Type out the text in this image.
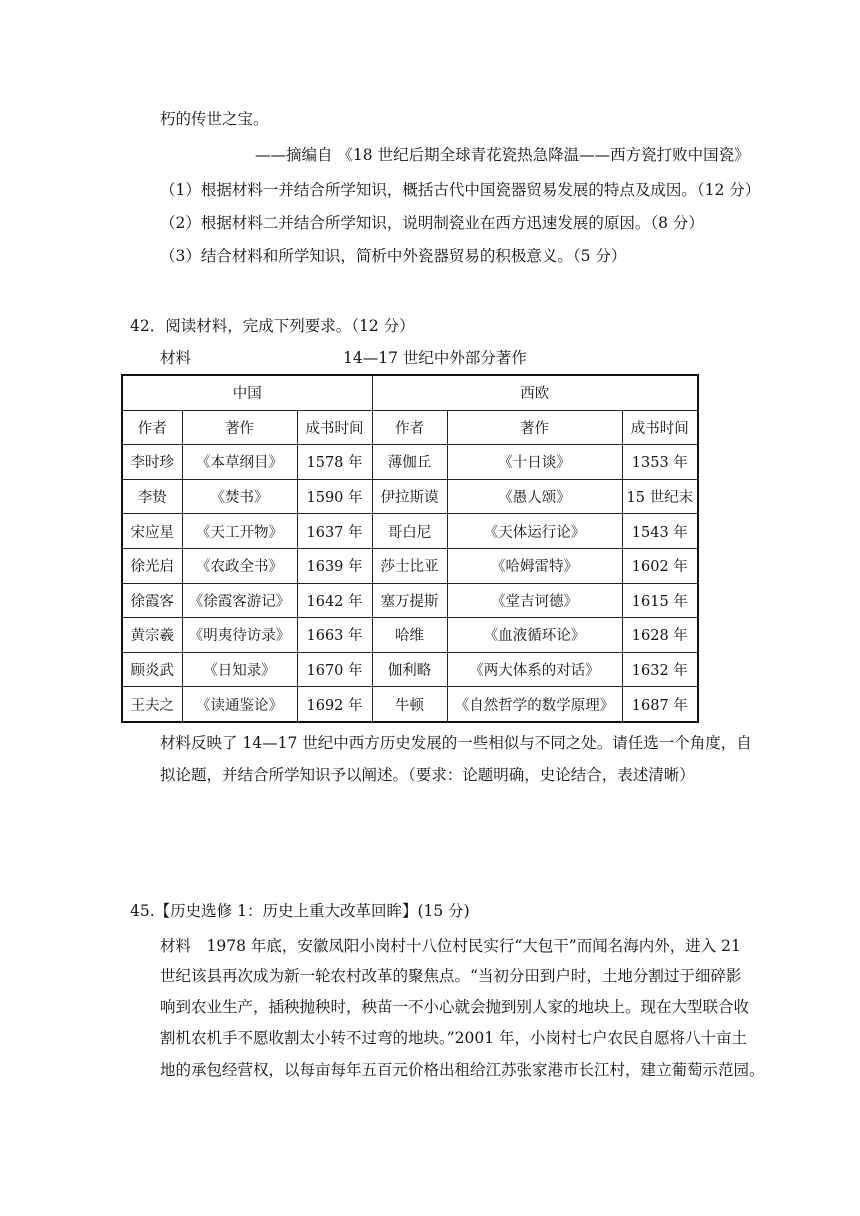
朽的传世之宝。
——摘编自 《18 世纪后期全球青花瓷热急降温——西方瓷打败中国瓷》
（1）根据材料一并结合所学知识，概括古代中国瓷器贸易发展的特点及成因。（12 分）
（2）根据材料二并结合所学知识，说明制瓷业在西方迅速发展的原因。（8 分）
（3）结合材料和所学知识，简析中外瓷器贸易的积极意义。（5 分）
42．阅读材料，完成下列要求。（12 分）
材料	14—17 世纪中外部分著作
中国			西欧		
作者	著作	成书时间	作者	著作	成书时间
李时珍	《本草纲目》	1578 年	薄伽丘	《十日谈》	1353 年
李贽	《焚书》	1590 年	伊拉斯谟	《愚人颂》	15 世纪末
宋应星	《天工开物》	1637 年	哥白尼	《天体运行论》	1543 年
徐光启	《农政全书》	1639 年	莎士比亚	《哈姆雷特》	1602 年
徐霞客	《徐霞客游记》	1642 年	塞万提斯	《堂吉诃德》	1615 年
黄宗羲	《明夷待访录》	1663 年	哈维	《血液循环论》	1628 年
顾炎武	《日知录》	1670 年	伽利略	《两大体系的对话》	1632 年
王夫之	《读通鉴论》	1692 年	牛顿	《自然哲学的数学原理》	1687 年
材料反映了 14—17 世纪中西方历史发展的一些相似与不同之处。请任选一个角度，自
拟论题，并结合所学知识予以阐述。（要求：论题明确，史论结合，表述清晰）
45.【历史选修 1：历史上重大改革回眸】(15 分)
材料　1978 年底，安徽凤阳小岗村十八位村民实行“大包干”而闻名海内外，进入 21
世纪该县再次成为新一轮农村改革的聚焦点。“当初分田到户时，土地分割过于细碎影
响到农业生产，插秧抛秧时，秧苗一不小心就会抛到别人家的地块上。现在大型联合收
割机农机手不愿收割太小转不过弯的地块。”2001 年，小岗村七户农民自愿将八十亩土
地的承包经营权，以每亩每年五百元价格出租给江苏张家港市长江村，建立葡萄示范园。
